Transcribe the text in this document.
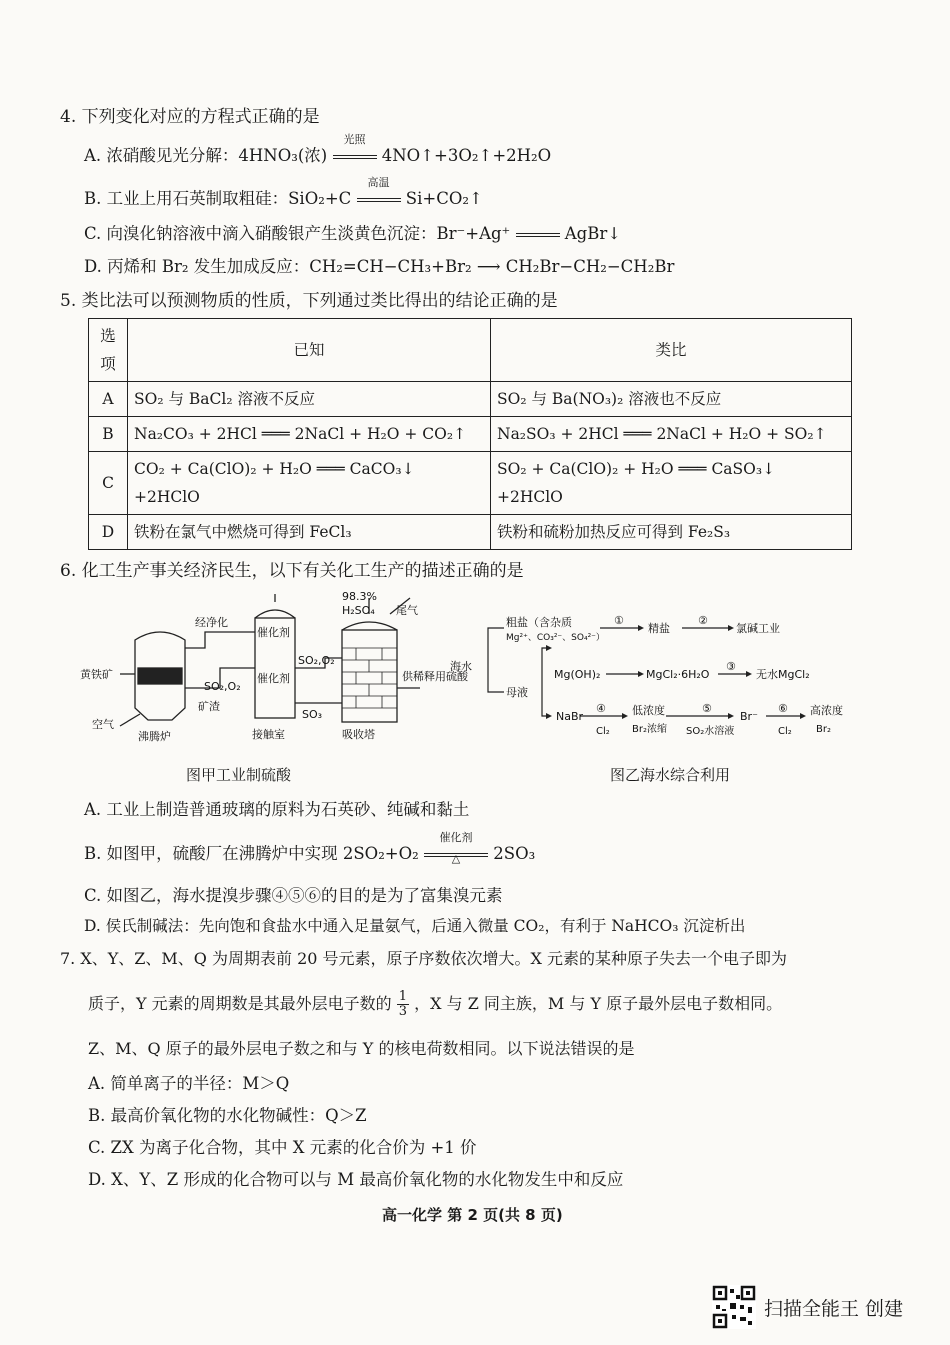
4. 下列变化对应的方程式正确的是
A. 浓硝酸见光分解：4HNO₃(浓)
光照
4NO↑+3O₂↑+2H₂O
B. 工业上用石英制取粗硅：SiO₂+C
高温
Si+CO₂↑
C. 向溴化钠溶液中滴入硝酸银产生淡黄色沉淀：Br⁻+Ag⁺	AgBr↓
D. 丙烯和 Br₂ 发生加成反应：CH₂=CH−CH₃+Br₂ ⟶ CH₂Br−CH₂−CH₂Br
5. 类比法可以预测物质的性质，下列通过类比得出的结论正确的是
选项	已知	类比
A	SO₂ 与 BaCl₂ 溶液不反应	SO₂ 与 Ba(NO₃)₂ 溶液也不反应
B	Na₂CO₃ + 2HCl ═══ 2NaCl + H₂O + CO₂↑	Na₂SO₃ + 2HCl ═══ 2NaCl + H₂O + SO₂↑
C	CO₂ + Ca(ClO)₂ + H₂O ═══ CaCO₃↓ +2HClO	SO₂ + Ca(ClO)₂ + H₂O ═══ CaSO₃↓ +2HClO
D	铁粉在氯气中燃烧可得到 FeCl₃	铁粉和硫粉加热反应可得到 Fe₂S₃
6. 化工生产事关经济民生，以下有关化工生产的描述正确的是
98.3%
H₂SO₄ 尾气
经净化
催化剂
催化剂
SO₂,O₂
SO₂,O₂
黄铁矿
矿渣
空气
SO₃
供稀释用硫酸
沸腾炉	接触室	吸收塔
图甲工业制硫酸
海水
粗盐（含杂质
Mg²⁺、CO₃²⁻、SO₄²⁻）
①
精盐
②
氯碱工业
母液
Mg(OH)₂	MgCl₂·6H₂O
③
无水MgCl₂
NaBr
④
Cl₂
低浓度
Br₂浓缩
⑤
SO₂水溶液
Br⁻
⑥
Cl₂
高浓度
Br₂
图乙海水综合利用
A. 工业上制造普通玻璃的原料为石英砂、纯碱和黏土
B. 如图甲，硫酸厂在沸腾炉中实现 2SO₂+O₂
催化剂
△	2SO₃
C. 如图乙，海水提溴步骤④⑤⑥的目的是为了富集溴元素
D. 侯氏制碱法：先向饱和食盐水中通入足量氨气，后通入微量 CO₂，有利于 NaHCO₃ 沉淀析出
7. X、Y、Z、M、Q 为周期表前 20 号元素，原子序数依次增大。X 元素的某种原子失去一个电子即为
质子，Y 元素的周期数是其最外层电子数的 $\frac{1}{3}$ ，X 与 Z 同主族，M 与 Y 原子最外层电子数相同。
Z、M、Q 原子的最外层电子数之和与 Y 的核电荷数相同。以下说法错误的是
A. 简单离子的半径：M＞Q
B. 最高价氧化物的水化物碱性：Q＞Z
C. ZX 为离子化合物，其中 X 元素的化合价为 +1 价
D. X、Y、Z 形成的化合物可以与 M 最高价氧化物的水化物发生中和反应
高一化学 第 2 页(共 8 页)
扫描全能王 创建
